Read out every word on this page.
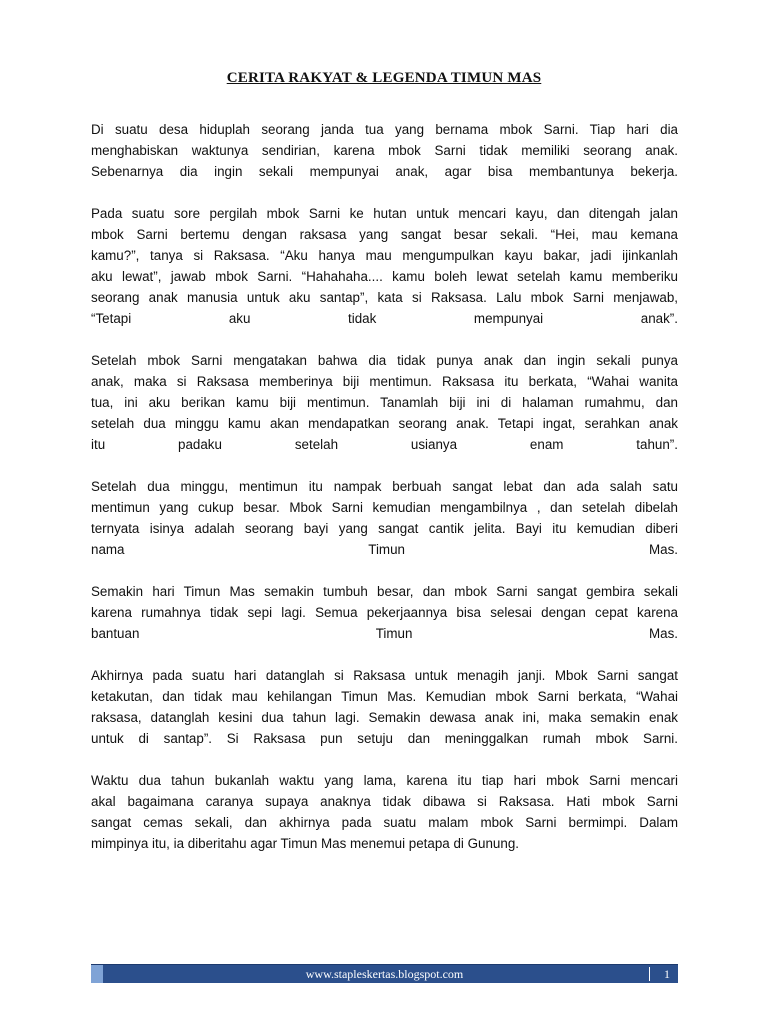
CERITA RAKYAT & LEGENDA TIMUN MAS
Di suatu desa hiduplah seorang janda tua yang bernama mbok Sarni. Tiap hari dia
menghabiskan waktunya sendirian, karena mbok Sarni tidak memiliki seorang anak.
Sebenarnya dia ingin sekali mempunyai anak, agar bisa membantunya bekerja.
Pada suatu sore pergilah mbok Sarni ke hutan untuk mencari kayu, dan ditengah jalan
mbok Sarni bertemu dengan raksasa yang sangat besar sekali. “Hei, mau kemana
kamu?”, tanya si Raksasa. “Aku hanya mau mengumpulkan kayu bakar, jadi ijinkanlah
aku lewat”, jawab mbok Sarni. “Hahahaha.... kamu boleh lewat setelah kamu memberiku
seorang anak manusia untuk aku santap”, kata si Raksasa. Lalu mbok Sarni menjawab,
“Tetapi aku tidak mempunyai anak”.
Setelah mbok Sarni mengatakan bahwa dia tidak punya anak dan ingin sekali punya
anak, maka si Raksasa memberinya biji mentimun. Raksasa itu berkata, “Wahai wanita
tua, ini aku berikan kamu biji mentimun. Tanamlah biji ini di halaman rumahmu, dan
setelah dua minggu kamu akan mendapatkan seorang anak. Tetapi ingat, serahkan anak
itu padaku setelah usianya enam tahun”.
Setelah dua minggu, mentimun itu nampak berbuah sangat lebat dan ada salah satu
mentimun yang cukup besar. Mbok Sarni kemudian mengambilnya , dan setelah dibelah
ternyata isinya adalah seorang bayi yang sangat cantik jelita. Bayi itu kemudian diberi
nama Timun Mas.
Semakin hari Timun Mas semakin tumbuh besar, dan mbok Sarni sangat gembira sekali
karena rumahnya tidak sepi lagi. Semua pekerjaannya bisa selesai dengan cepat karena
bantuan Timun Mas.
Akhirnya pada suatu hari datanglah si Raksasa untuk menagih janji. Mbok Sarni sangat
ketakutan, dan tidak mau kehilangan Timun Mas. Kemudian mbok Sarni berkata, “Wahai
raksasa, datanglah kesini dua tahun lagi. Semakin dewasa anak ini, maka semakin enak
untuk di santap”. Si Raksasa pun setuju dan meninggalkan rumah mbok Sarni.
Waktu dua tahun bukanlah waktu yang lama, karena itu tiap hari mbok Sarni mencari
akal bagaimana caranya supaya anaknya tidak dibawa si Raksasa. Hati mbok Sarni
sangat cemas sekali, dan akhirnya pada suatu malam mbok Sarni bermimpi. Dalam
mimpinya itu, ia diberitahu agar Timun Mas menemui petapa di Gunung.
www.stapleskertas.blogspot.com	1
